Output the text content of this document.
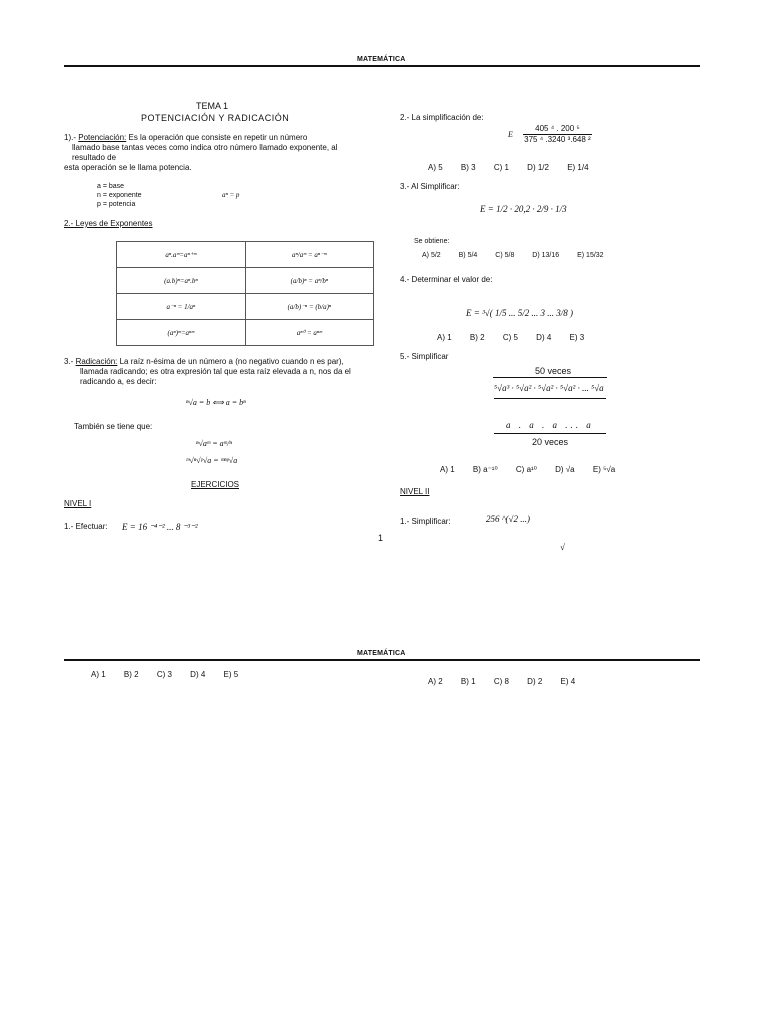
MATEMÁTICA
TEMA 1
POTENCIACIÓN Y RADICACIÓN
1).- Potenciación: Es la operación que consiste en repetir un número
llamado base tantas veces como indica otro número llamado exponente, al
resultado de
esta operación se le llama potencia.
a = base
n = exponente
p = potencia
aⁿ = p
2.- Leyes de Exponentes
aⁿ.aᵐ=aⁿ⁺ᵐ	aⁿ/aᵐ = aⁿ⁻ᵐ
(a.b)ⁿ=aⁿ.bⁿ	(a/b)ⁿ = aⁿ/bⁿ
a⁻ⁿ = 1/aⁿ	(a/b)⁻ⁿ = (b/a)ⁿ
(aⁿ)ᵐ=aⁿᵐ	aⁿ⁰ = aⁿᵐ
3.- Radicación: La raíz n-ésima de un número a (no negativo cuando n es par),
llamada radicando; es otra expresión tal que esta raíz elevada a n, nos da el
radicando a, es decir:
ⁿ√a = b ⟺ a = bⁿ
También se tiene que:
ⁿ√aᵐ = aᵐ/ⁿ
ᵐ√ⁿ√ᵖ√a = ᵐⁿᵖ√a
EJERCICIOS
NIVEL I
1.- Efectuar: E = 16 ⁻⁴⁻² ... 8 ⁻³⁻²
1
2.- La simplificación de:
E $\frac{\text{405 ⁴ . 200 ⁵}}{\text{375 ⁴ .3240 ³.648 ²}}$
A) 5 B) 3 C) 1 D) 1/2 E) 1/4
3.- Al Simplificar:
E = 1/2 · 20,2 · 2/9 · 1/3
Se obtiene:
A) 5/2	B) 5/4	C) 5/8	D) 13/16	E) 15/32
4.- Determinar el valor de:
E = ³√( 1/5 ... 5/2 ... 3 ... 3/8 )
A) 1 B) 2 C) 5 D) 4 E) 3
5.- Simplificar
50 veces
⁵√a³ · ⁵√a² · ⁵√a² · ⁵√a² · ... ⁵√a
a . a . a ... a
20 veces
A) 1 B) a⁻¹⁰ C) a¹⁰ D) √a E) ⁵√a
NIVEL II
1.- Simplificar:	256 ^(√2 ...)
√
MATEMÁTICA
A) 1 B) 2 C) 3 D) 4 E) 5
A) 2 B) 1 C) 8 D) 2 E) 4
